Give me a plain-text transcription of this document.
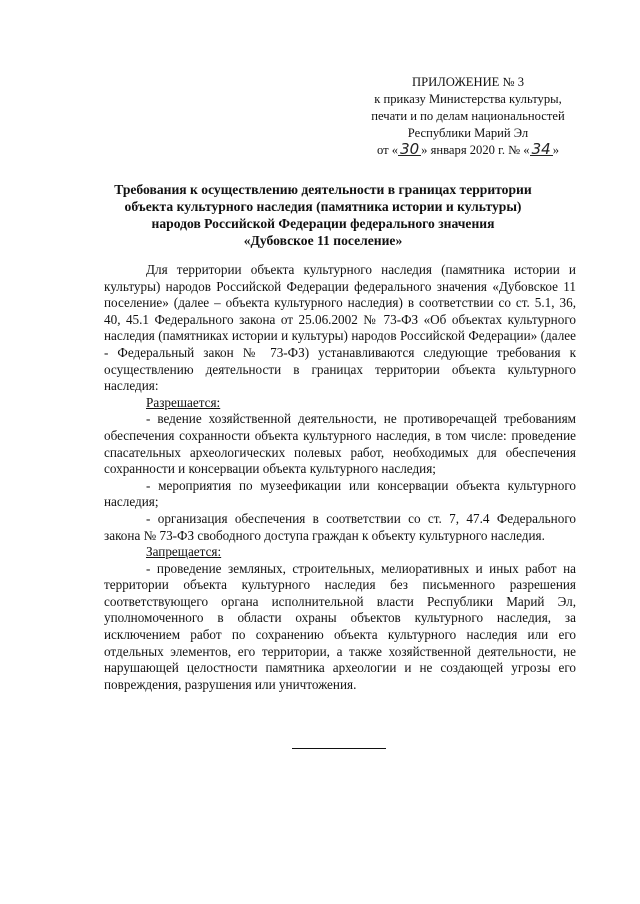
ПРИЛОЖЕНИЕ № 3
к приказу Министерства культуры,
печати и по делам национальностей
Республики Марий Эл
от « 30 » января 2020 г. № « 34 »
Требования к осуществлению деятельности в границах территории
объекта культурного наследия (памятника истории и культуры)
народов Российской Федерации федерального значения
«Дубовское 11 поселение»

Для территории объекта культурного наследия (памятника истории и культуры) народов Российской Федерации федерального значения «Дубовское 11 поселение» (далее – объекта культурного наследия) в соответствии со ст. 5.1, 36, 40, 45.1 Федерального закона от 25.06.2002 № 73-ФЗ «Об объектах культурного наследия (памятниках истории и культуры) народов Российской Федерации» (далее - Федеральный закон № 73-ФЗ) устанавливаются следующие требования к осуществлению деятельности в границах территории объекта культурного наследия:

Разрешается:

- ведение хозяйственной деятельности, не противоречащей требованиям обеспечения сохранности объекта культурного наследия, в том числе: проведение спасательных археологических полевых работ, необходимых для обеспечения сохранности и консервации объекта культурного наследия;

- мероприятия по музеефикации или консервации объекта культурного наследия;

- организация обеспечения в соответствии со ст. 7, 47.4 Федерального закона № 73-ФЗ свободного доступа граждан к объекту культурного наследия.

Запрещается:

- проведение земляных, строительных, мелиоративных и иных работ на территории объекта культурного наследия без письменного разрешения соответствующего органа исполнительной власти Республики Марий Эл, уполномоченного в области охраны объектов культурного наследия, за исключением работ по сохранению объекта культурного наследия или его отдельных элементов, его территории, а также хозяйственной деятельности, не нарушающей целостности памятника археологии и не создающей угрозы его повреждения, разрушения или уничтожения.
